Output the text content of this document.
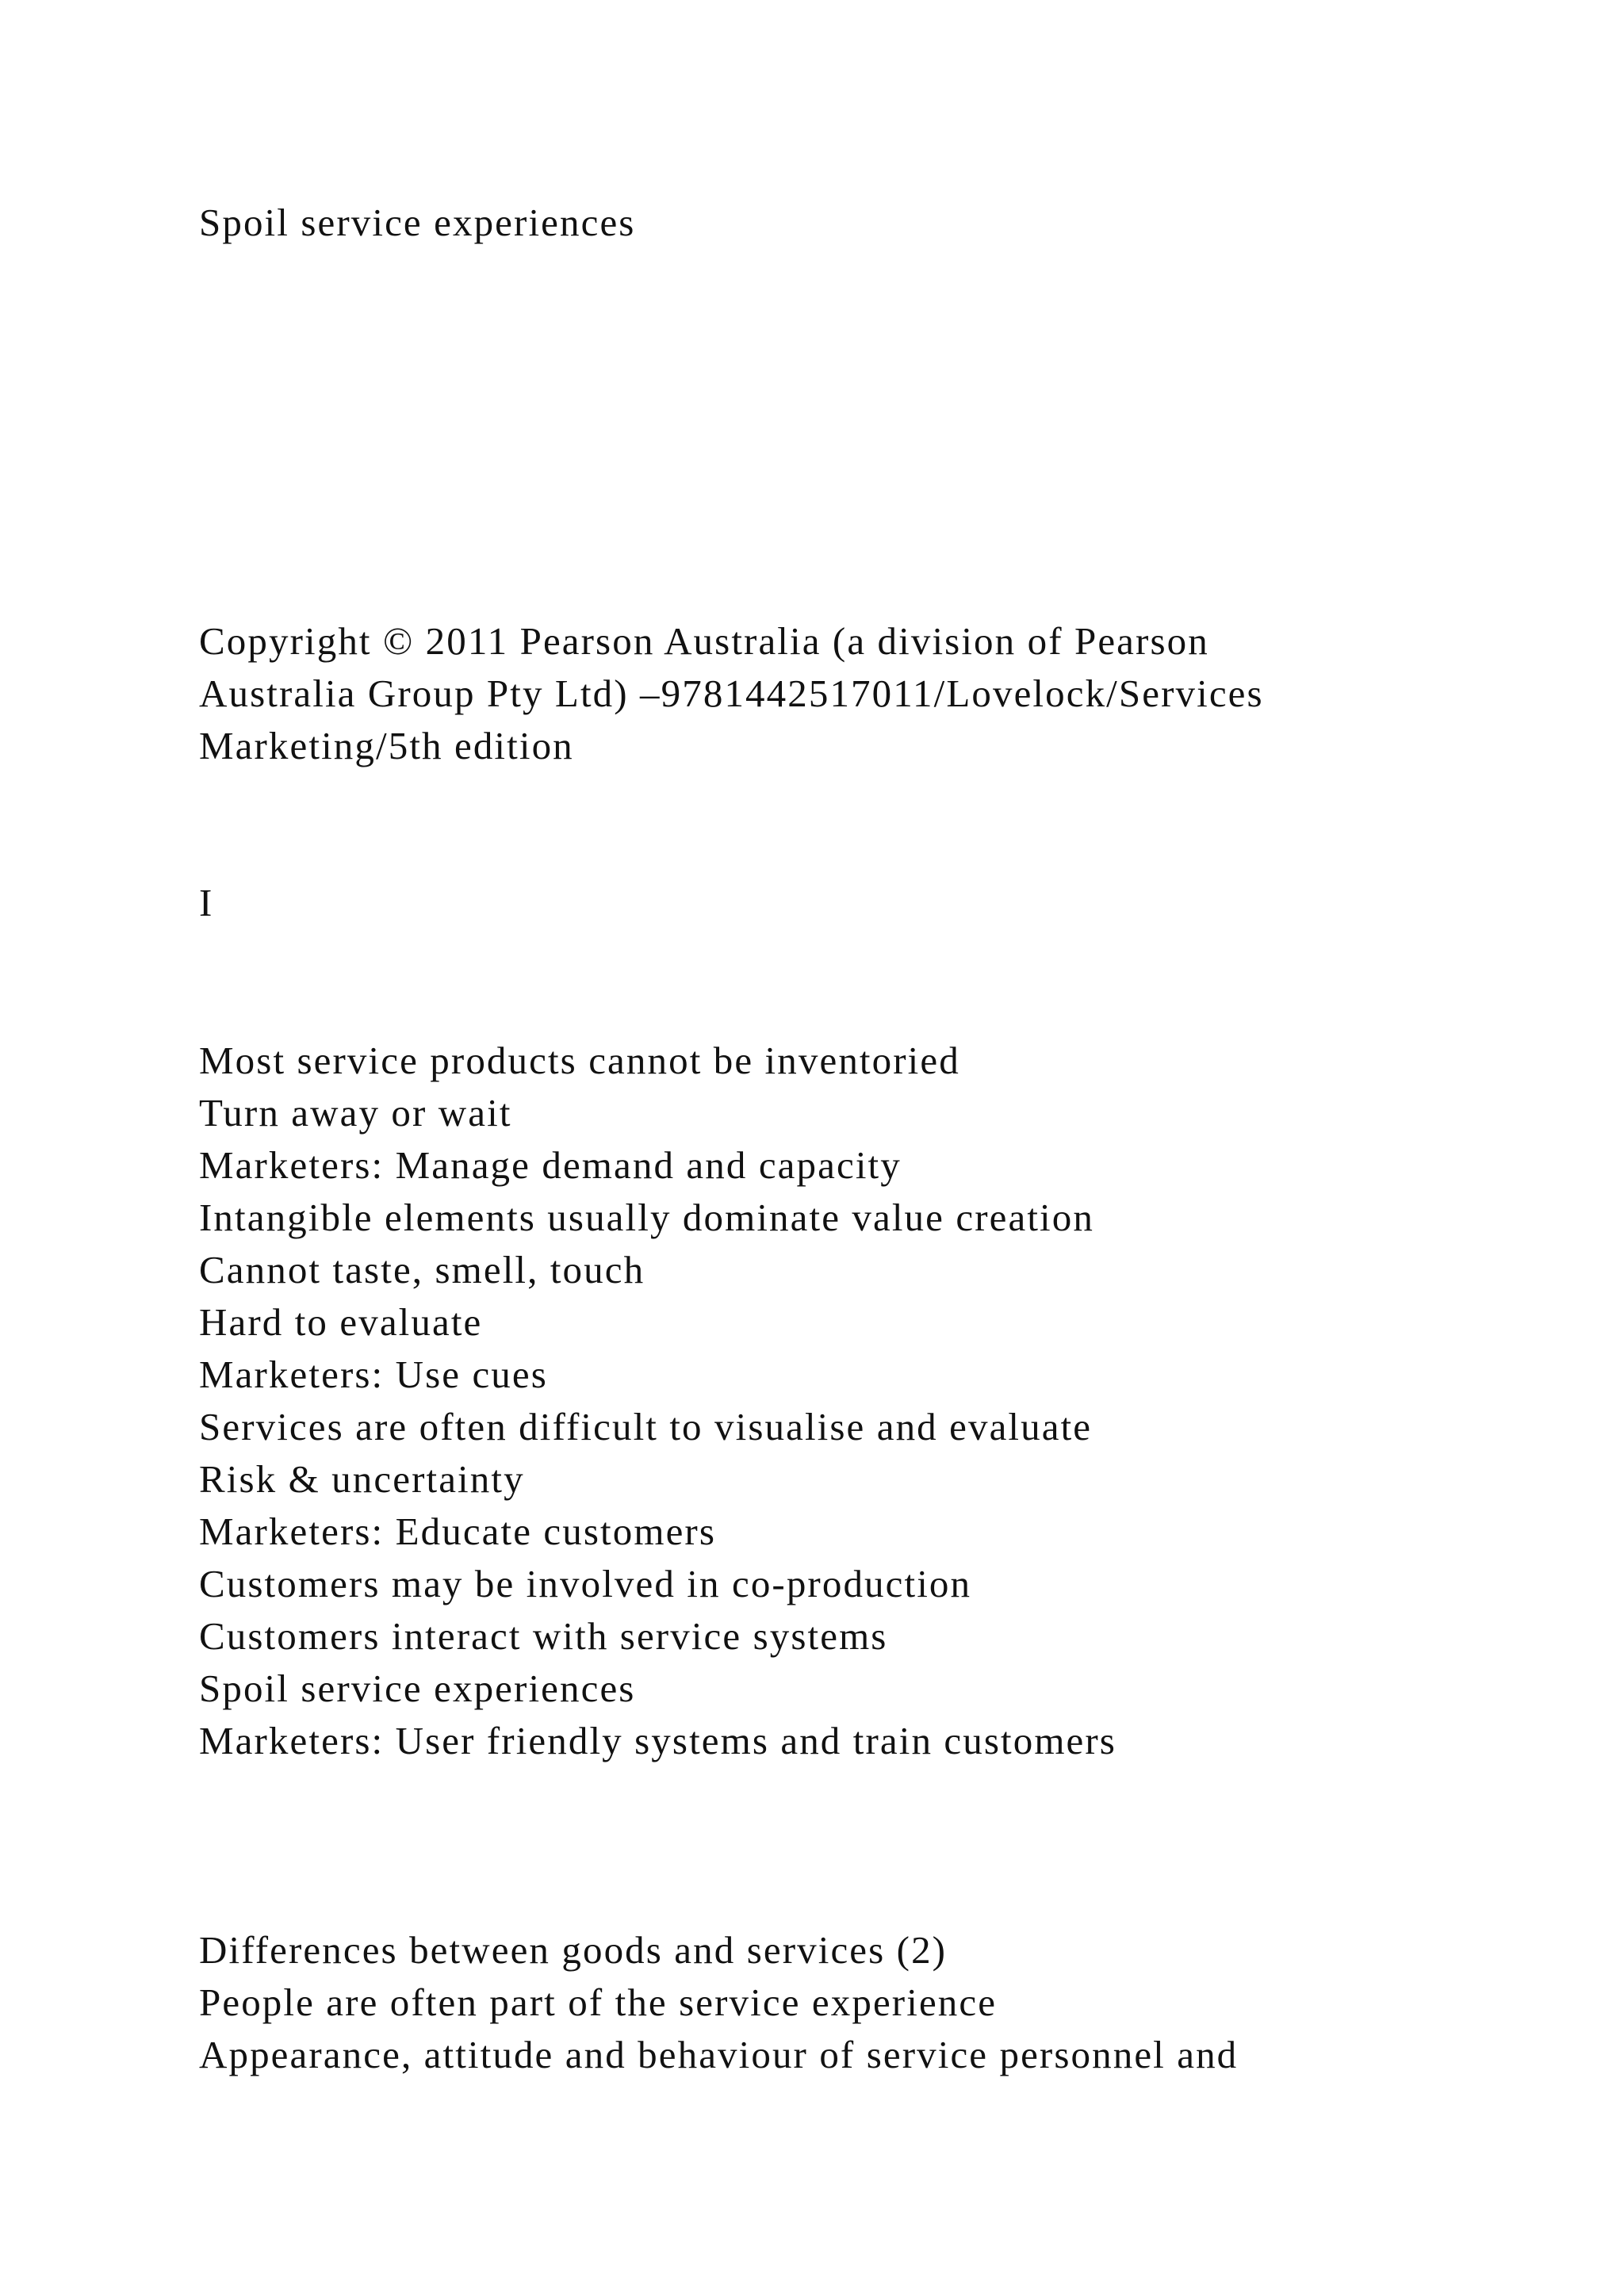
Spoil service experiences

Copyright © 2011 Pearson Australia (a division of Pearson

Australia Group Pty Ltd) –9781442517011/Lovelock/Services

Marketing/5th edition

I

Most service products cannot be inventoried

Turn away or wait

Marketers: Manage demand and capacity

Intangible elements usually dominate value creation

Cannot taste, smell, touch

Hard to evaluate

Marketers: Use cues

Services are often difficult to visualise and evaluate

Risk & uncertainty

Marketers: Educate customers

Customers may be involved in co-production

Customers interact with service systems

Spoil service experiences

Marketers: User friendly systems and train customers

Differences between goods and services (2)

People are often part of the service experience

Appearance, attitude and behaviour of service personnel and
